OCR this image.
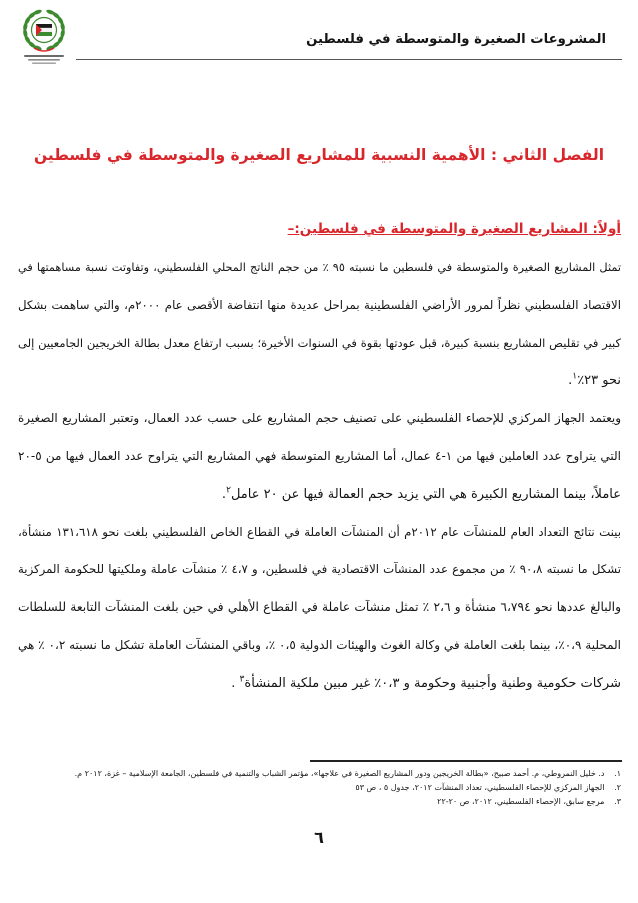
المشروعات الصغيرة والمتوسطة في فلسطين
الفصل الثاني : الأهمية النسبية للمشاريع الصغيرة والمتوسطة في فلسطين
أولاً: المشاريع الصغيرة والمتوسطة في فلسطين:–
تمثل المشاريع الصغيرة والمتوسطة في فلسطين ما نسبته ٩٥ ٪ من حجم الناتج المحلي الفلسطيني، وتفاوتت نسبة مساهمتها في
الاقتصاد الفلسطيني نظراً لمرور الأراضي الفلسطينية بمراحل عديدة منها انتفاضة الأقصى عام ٢٠٠٠م، والتي ساهمت بشكل
كبير في تقليص المشاريع بنسبة كبيرة، قبل عودتها بقوة في السنوات الأخيرة؛ بسبب ارتفاع معدل بطالة الخريجين الجامعيين إلى
نحو ٢٣٪$^١$.
ويعتمد الجهاز المركزي للإحصاء الفلسطيني على تصنيف حجم المشاريع على حسب عدد العمال، وتعتبر المشاريع الصغيرة
التي يتراوح عدد العاملين فيها من ١-٤ عمال، أما المشاريع المتوسطة فهي المشاريع التي يتراوح عدد العمال فيها من ٥-٢٠
عاملاً، بينما المشاريع الكبيرة هي التي يزيد حجم العمالة فيها عن ٢٠ عامل$^٢$.
بينت نتائج التعداد العام للمنشآت عام ٢٠١٢م أن المنشآت العاملة في القطاع الخاص الفلسطيني بلغت نحو ١٣١،٦١٨ منشأة،
تشكل ما نسبته ٩٠،٨ ٪ من مجموع عدد المنشآت الاقتصادية في فلسطين، و ٤،٧ ٪ منشآت عاملة وملكيتها للحكومة المركزية
والبالغ عددها نحو ٦،٧٩٤ منشأة و ٢،٦ ٪ تمثل منشآت عاملة في القطاع الأهلي في حين بلغت المنشآت التابعة للسلطات
المحلية ٠،٩٪، بينما بلغت العاملة في وكالة الغوث والهيئات الدولية ٠،٥ ٪، وباقي المنشآت العاملة تشكل ما نسبته ٠،٢ ٪ هي
شركات حكومية وطنية وأجنبية وحكومة و ٠،٣٪ غير مبين ملكية المنشأة$^٣$ .
١. د. خليل النمروطي، م. أحمد صبيح، «بطالة الخريجين ودور المشاريع الصغيرة في علاجها»، مؤتمر الشباب والتنمية في فلسطين، الجامعة الإسلامية – غزة، ٢٠١٢ م.
٢. الجهاز المركزي للإحصاء الفلسطيني، تعداد المنشآت ٢٠١٢، جدول ٥ ، ص ٥٣
٣. مرجع سابق، الإحصاء الفلسطيني، ٢٠١٢، ص ٢٠-٢٢
٦
